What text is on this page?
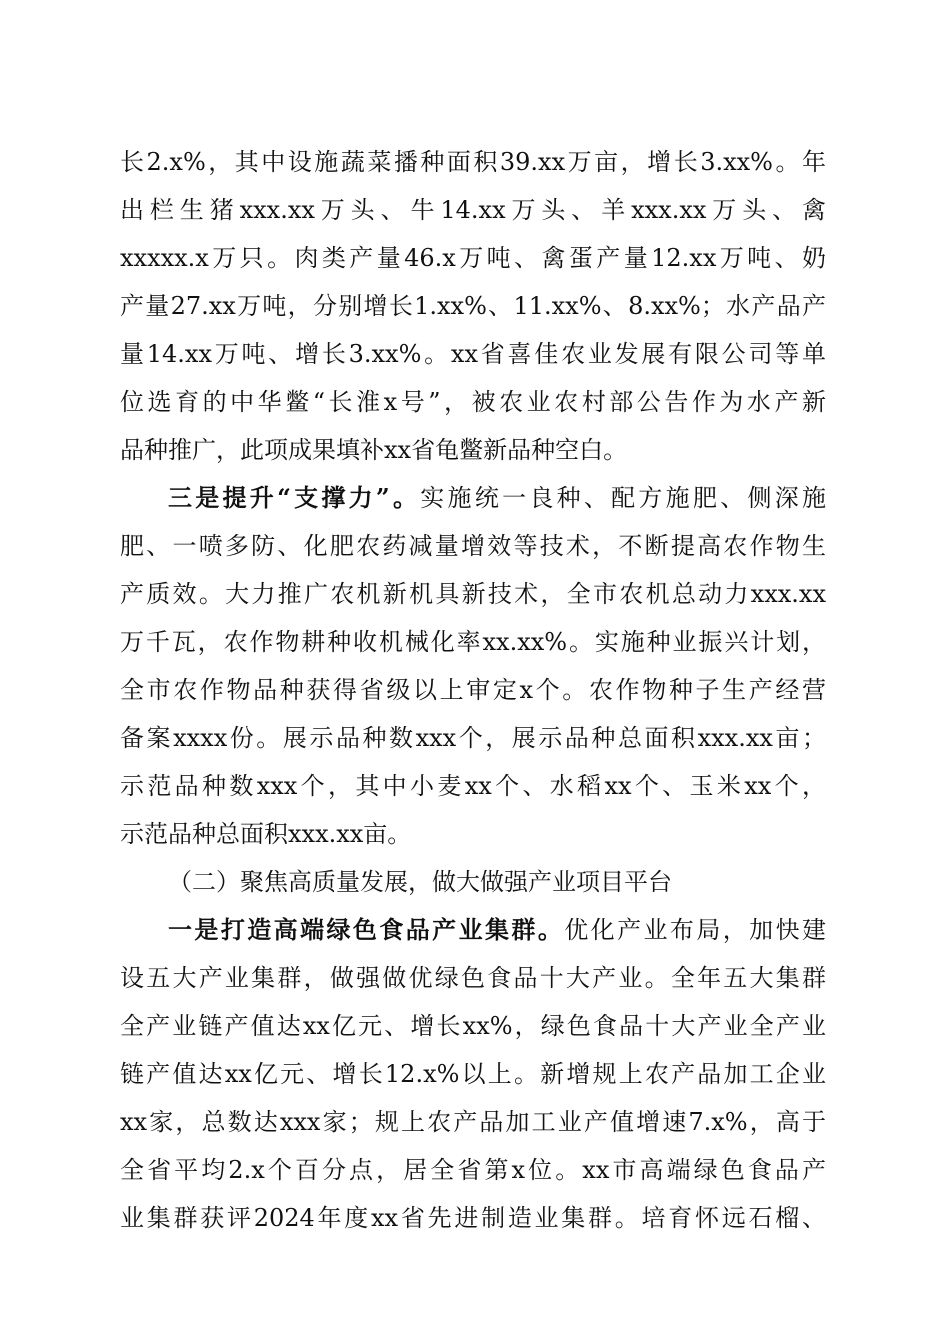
长2.x%，其中设施蔬菜播种面积39.xx万亩，增长3.xx%。年
出栏生猪xxx.xx万头、牛14.xx万头、羊xxx.xx万头、禽
xxxxx.x万只。肉类产量46.x万吨、禽蛋产量12.xx万吨、奶
产量27.xx万吨，分别增长1.xx%、11.xx%、8.xx%；水产品产
量14.xx万吨、增长3.xx%。xx省喜佳农业发展有限公司等单
位选育的中华鳖“长淮x号”，被农业农村部公告作为水产新
品种推广，此项成果填补xx省龟鳖新品种空白。
三是提升“支撑力”。实施统一良种、配方施肥、侧深施
肥、一喷多防、化肥农药减量增效等技术，不断提高农作物生
产质效。大力推广农机新机具新技术，全市农机总动力xxx.xx
万千瓦，农作物耕种收机械化率xx.xx%。实施种业振兴计划，
全市农作物品种获得省级以上审定x个。农作物种子生产经营
备案xxxx份。展示品种数xxx个，展示品种总面积xxx.xx亩；
示范品种数xxx个，其中小麦xx个、水稻xx个、玉米xx个，
示范品种总面积xxx.xx亩。
（二）聚焦高质量发展，做大做强产业项目平台
一是打造高端绿色食品产业集群。优化产业布局，加快建
设五大产业集群，做强做优绿色食品十大产业。全年五大集群
全产业链产值达xx亿元、增长xx%，绿色食品十大产业全产业
链产值达xx亿元、增长12.x%以上。新增规上农产品加工企业
xx家，总数达xxx家；规上农产品加工业产值增速7.x%，高于
全省平均2.x个百分点，居全省第x位。xx市高端绿色食品产
业集群获评2024年度xx省先进制造业集群。培育怀远石榴、
